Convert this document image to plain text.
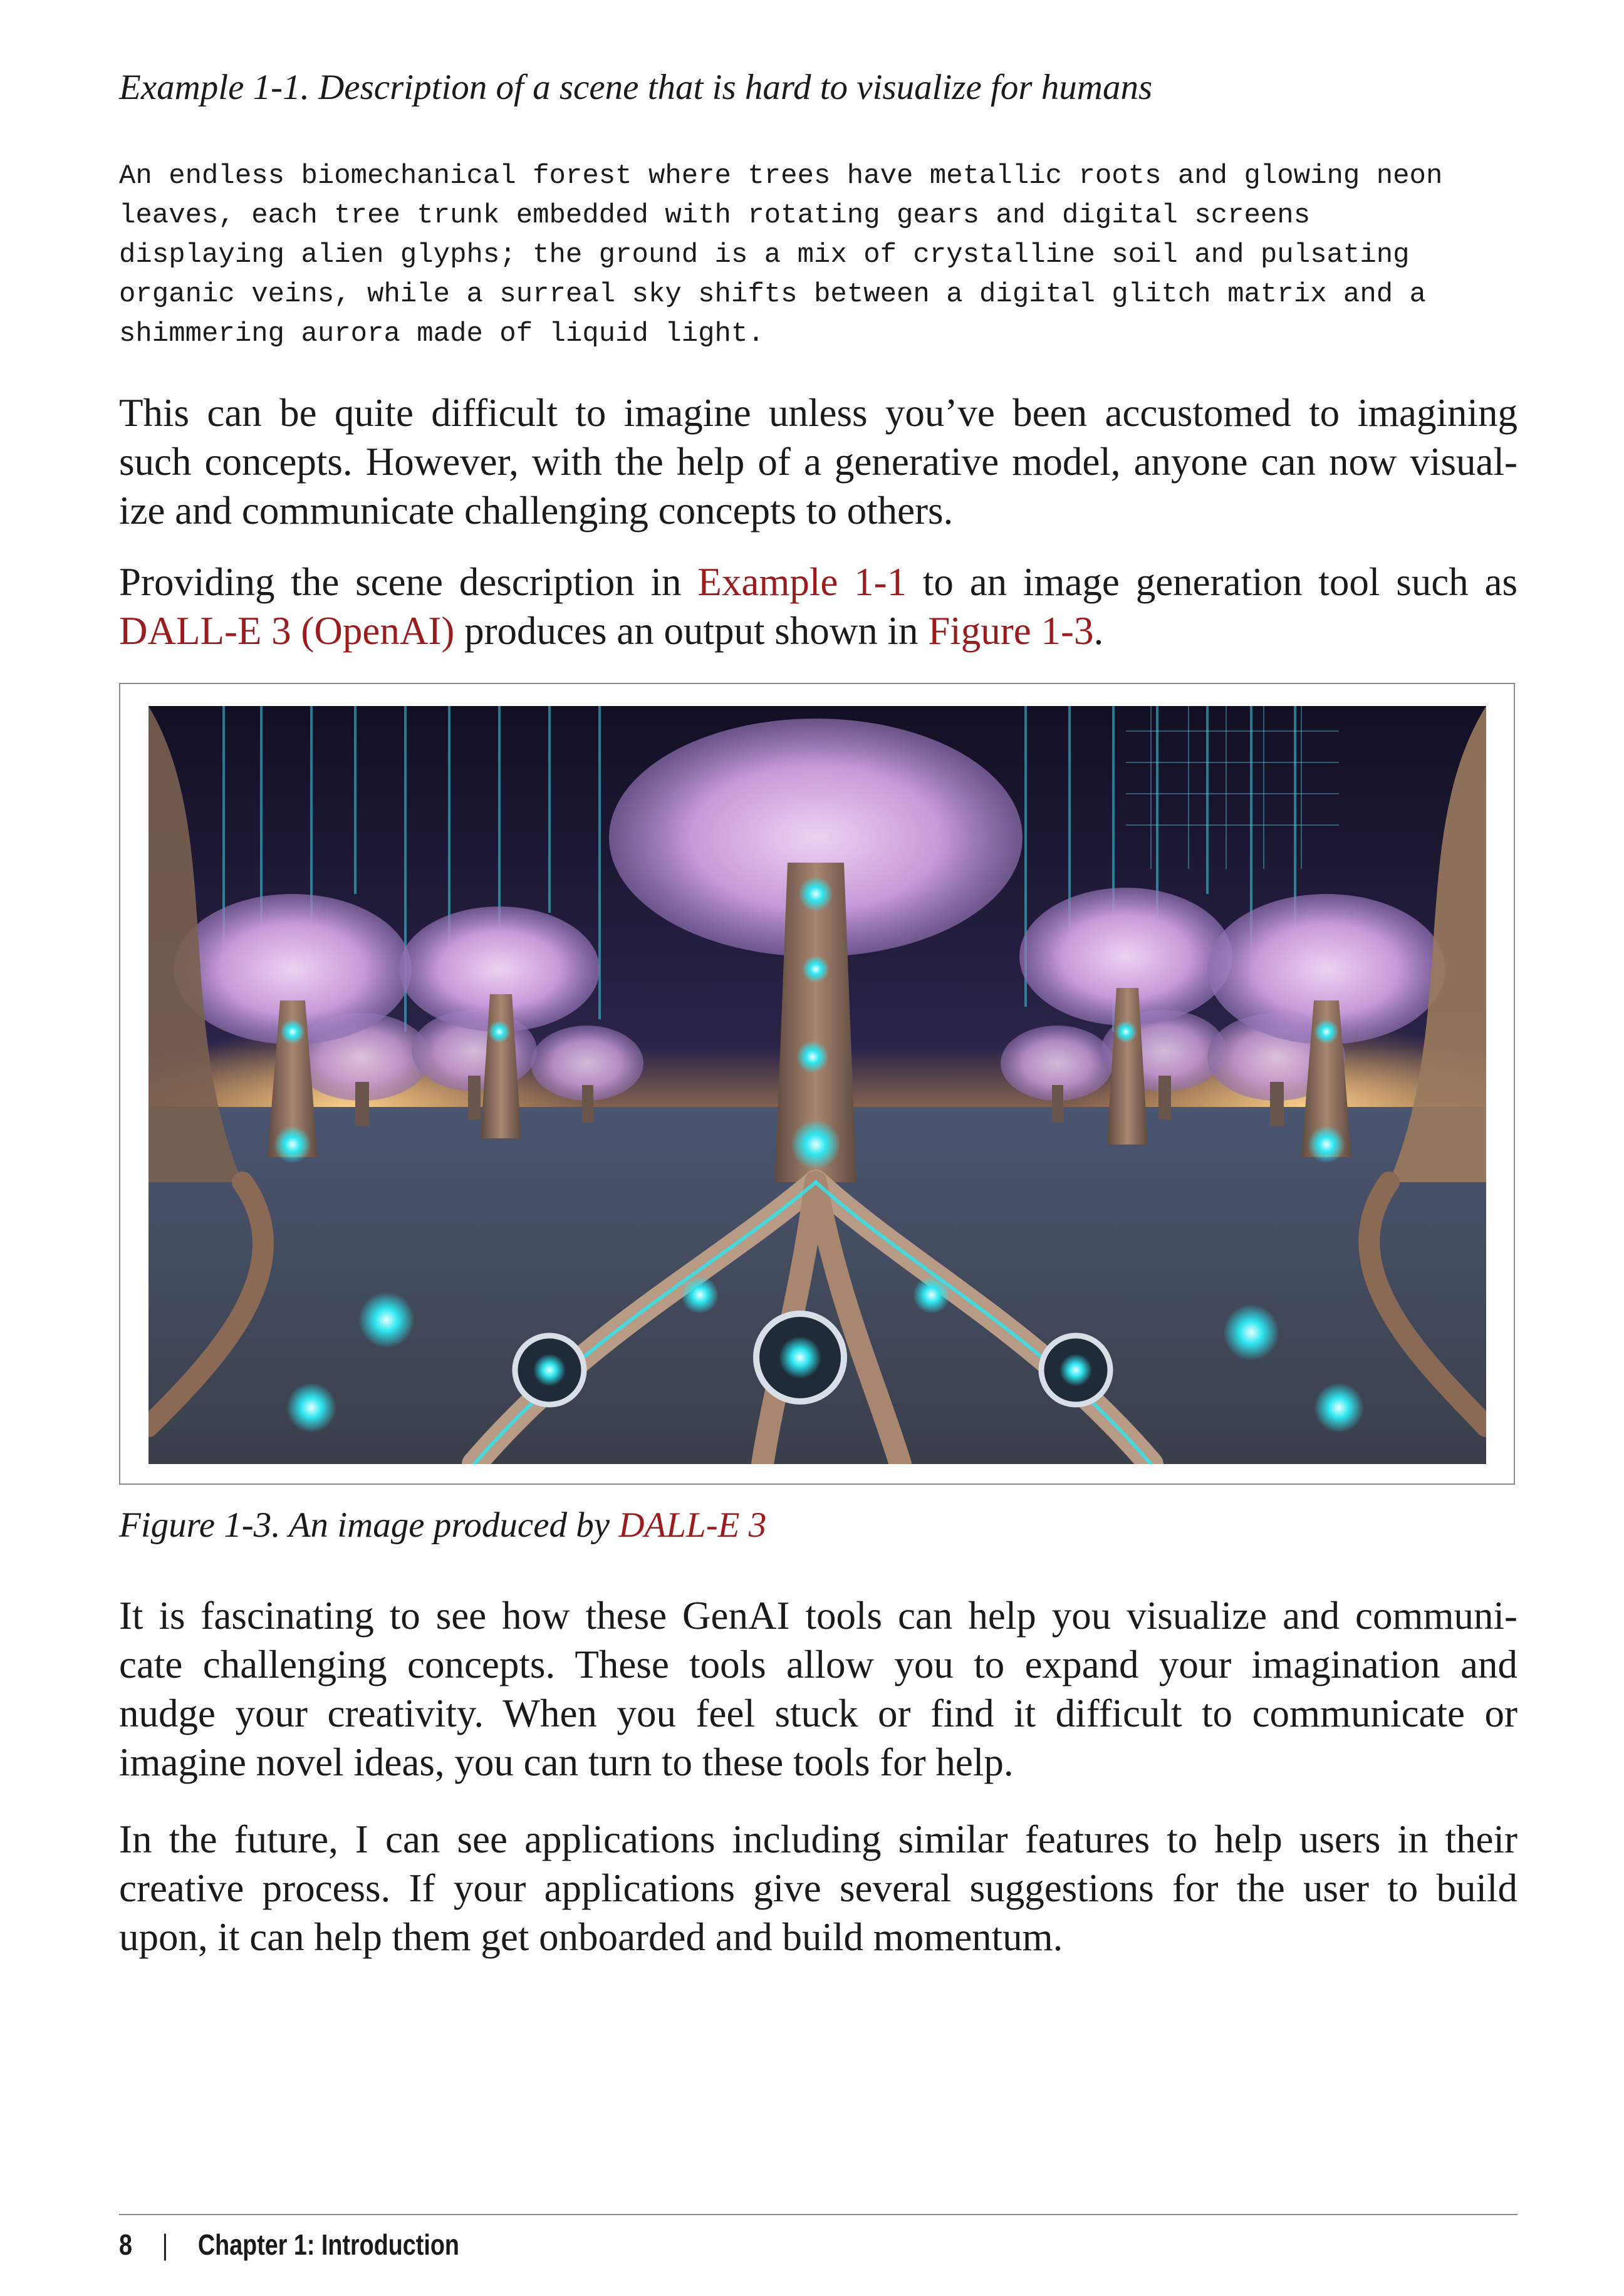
Example 1-1. Description of a scene that is hard to visualize for humans
An endless biomechanical forest where trees have metallic roots and glowing neon
leaves, each tree trunk embedded with rotating gears and digital screens
displaying alien glyphs; the ground is a mix of crystalline soil and pulsating
organic veins, while a surreal sky shifts between a digital glitch matrix and a
shimmering aurora made of liquid light.
This can be quite difficult to imagine unless you’ve been accustomed to imagining
such concepts. However, with the help of a generative model, anyone can now visual-
ize and communicate challenging concepts to others.
Providing the scene description in Example 1-1 to an image generation tool such as
DALL-E 3 (OpenAI) produces an output shown in Figure 1-3.
Figure 1-3. An image produced by DALL-E 3
It is fascinating to see how these GenAI tools can help you visualize and communi-
cate challenging concepts. These tools allow you to expand your imagination and
nudge your creativity. When you feel stuck or find it difficult to communicate or
imagine novel ideas, you can turn to these tools for help.
In the future, I can see applications including similar features to help users in their
creative process. If your applications give several suggestions for the user to build
upon, it can help them get onboarded and build momentum.
8 | Chapter 1: Introduction
